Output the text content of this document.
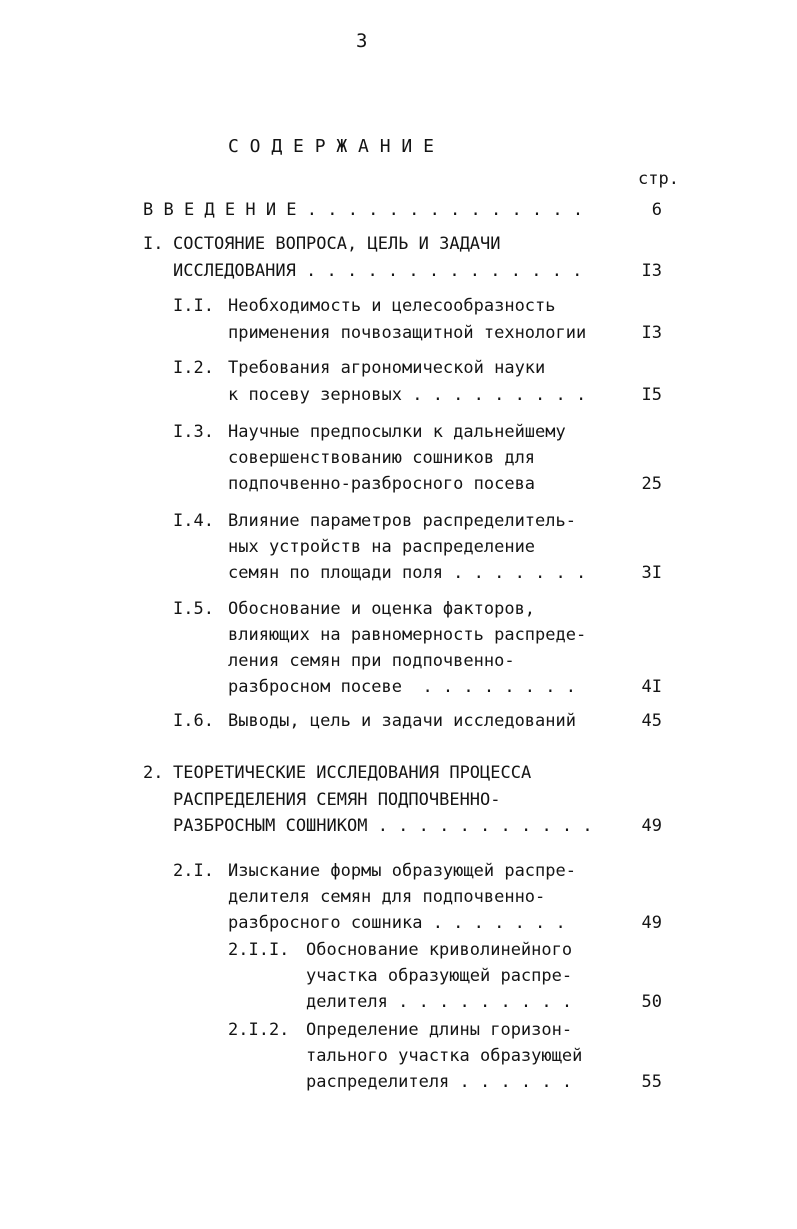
3
С О Д Е Р Ж А Н И Е
стр.
В В Е Д Е Н И Е . . . . . . . . . . . . . .	6
I. СОСТОЯНИЕ ВОПРОСА, ЦЕЛЬ И ЗАДАЧИ
ИССЛЕДОВАНИЯ . . . . . . . . . . . . . .	I3
I.I. Необходимость и целесообразность
применения почвозащитной технологии	I3
I.2. Требования агрономической науки
к посеву зерновых . . . . . . . . .	I5
I.3. Научные предпосылки к дальнейшему
совершенствованию сошников для
подпочвенно-разбросного посева	25
I.4. Влияние параметров распределитель-
ных устройств на распределение
семян по площади поля . . . . . . .	3I
I.5. Обоснование и оценка факторов,
влияющих на равномерность распреде-
ления семян при подпочвенно-
разбросном посеве  . . . . . . . .	4I
I.6. Выводы, цель и задачи исследований	45
2. ТЕОРЕТИЧЕСКИЕ ИССЛЕДОВАНИЯ ПРОЦЕССА
РАСПРЕДЕЛЕНИЯ СЕМЯН ПОДПОЧВЕННО-
РАЗБРОСНЫМ СОШНИКОМ . . . . . . . . . . .	49
2.I. Изыскание формы образующей распре-
делителя семян для подпочвенно-
разбросного сошника . . . . . . .	49
2.I.I. Обоснование криволинейного
участка образующей распре-
делителя . . . . . . . . .	50
2.I.2. Определение длины горизон-
тального участка образующей
распределителя . . . . . .	55
